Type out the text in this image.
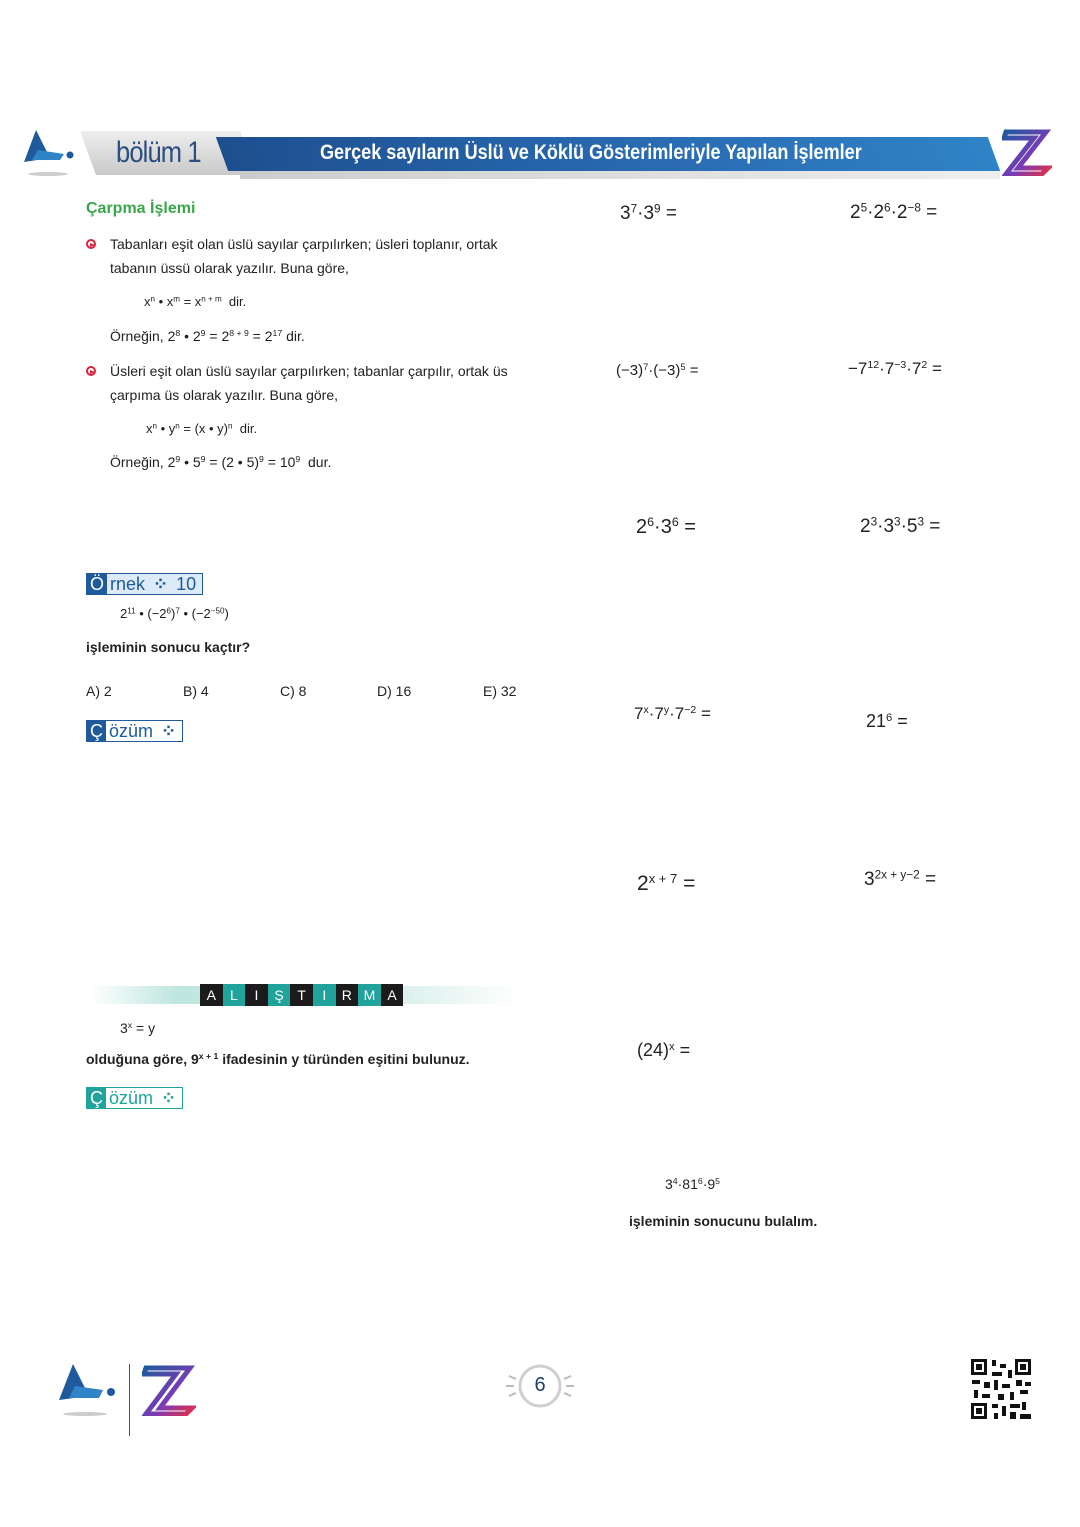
bölüm 1	Gerçek sayıların Üslü ve Köklü Gösterimleriyle Yapılan İşlemler
Çarpma İşlemi
Tabanları eşit olan üslü sayılar çarpılırken; üsleri toplanır, ortak
tabanın üssü olarak yazılır. Buna göre,
$x^n$ • $x^m = x^{n + m}$  dir.
Örneğin, $2^8$ • $2^9 = 2^{8 + 9} = 2^{17}$ dir.
Üsleri eşit olan üslü sayılar çarpılırken; tabanlar çarpılır, ortak üs
çarpıma üs olarak yazılır. Buna göre,
$x^n$ • $y^n = (x$ • y)$^n$  dir.
Örneğin, $2^9$ • $5^9 = (2$ • $5)^9 = 10^9$  dur.
Ö rnek ⁘ 10
$2^{11}$ • $(-2^6)^7$ • $(-2^{-50})$
işleminin sonucu kaçtır?
A) 2	B) 4	C) 8	D) 16	E) 32
Ç özüm ⁘
A	L	I	Ş T	I	R M A
$3^x = y$
olduğuna göre, $9^{x + 1}$ ifadesinin y türünden eşitini bulunuz.
Ç özüm ⁘
$3^7\cdot 3^9$ =	$2^5\cdot 2^6\cdot 2^{-8}$ =
$(-3)^7\cdot(-3)^5$ =	$-7^{12}\cdot 7^{-3}\cdot 7^2$ =
$2^6\cdot 3^6$ =	$2^3\cdot 3^3\cdot 5^3$ =
$7^x\cdot 7^y\cdot 7^{-2}$ =	$21^6$ =
$2^{x + 7}$ =	$3^{2x + y-2}$ =
$(24)^x$ =
$3^4\cdot 81^6\cdot 9^5$
işleminin sonucunu bulalım.
6
